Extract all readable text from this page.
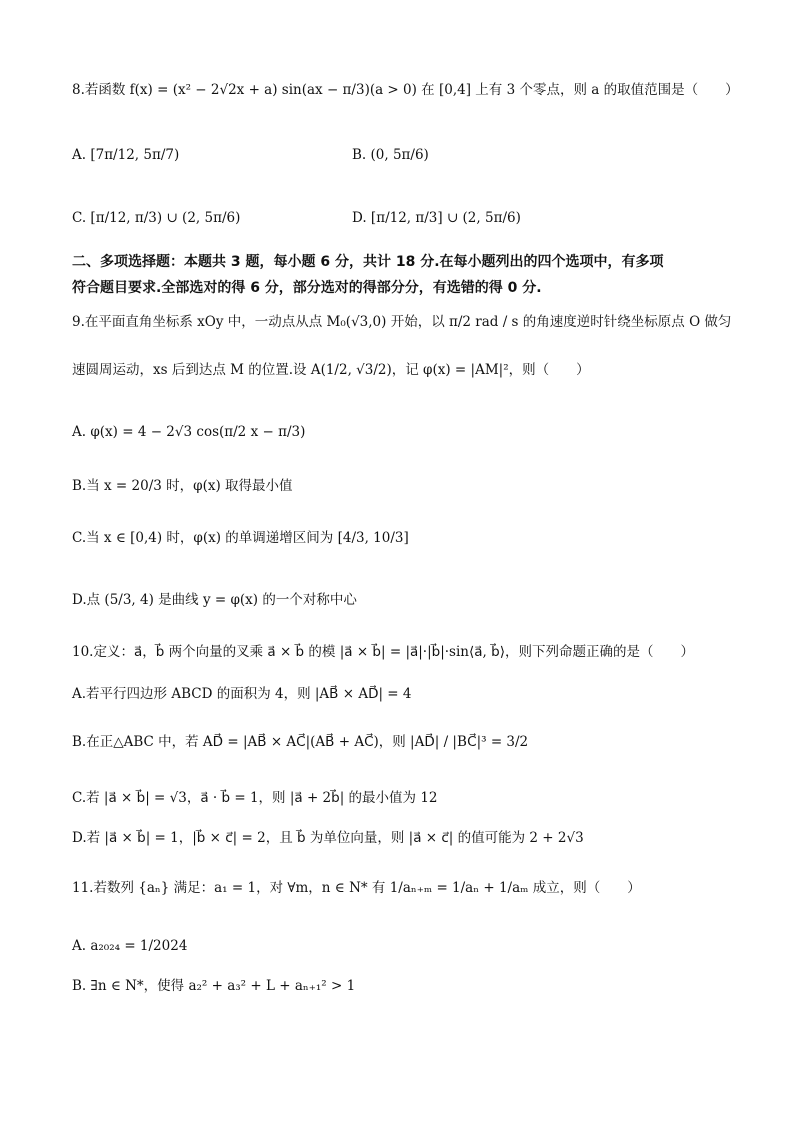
8.若函数 f(x) = (x² − 2√2x + a) sin(ax − π/3)(a > 0) 在 [0,4] 上有 3 个零点，则 a 的取值范围是（　　）
A. [7π/12, 5π/7)	B. (0, 5π/6)
C. [π/12, π/3) ∪ (2, 5π/6)	D. [π/12, π/3] ∪ (2, 5π/6)
二、多项选择题：本题共 3 题，每小题 6 分，共计 18 分.在每小题列出的四个选项中，有多项
符合题目要求.全部选对的得 6 分，部分选对的得部分分，有选错的得 0 分.
9.在平面直角坐标系 xOy 中，一动点从点 M₀(√3,0) 开始，以 π/2 rad / s 的角速度逆时针绕坐标原点 O 做匀
速圆周运动，xs 后到达点 M 的位置.设 A(1/2, √3/2)，记 φ(x) = |AM|²，则（　　）
A. φ(x) = 4 − 2√3 cos(π/2 x − π/3)
B.当 x = 20/3 时，φ(x) 取得最小值
C.当 x ∈ [0,4) 时，φ(x) 的单调递增区间为 [4/3, 10/3]
D.点 (5/3, 4) 是曲线 y = φ(x) 的一个对称中心
10.定义：a⃗，b⃗ 两个向量的叉乘 a⃗ × b⃗ 的模 |a⃗ × b⃗| = |a⃗|·|b⃗|·sin⟨a⃗, b⃗⟩，则下列命题正确的是（　　）
A.若平行四边形 ABCD 的面积为 4，则 |AB⃗ × AD⃗| = 4
B.在正△ABC 中，若 AD⃗ = |AB⃗ × AC⃗|(AB⃗ + AC⃗)，则 |AD⃗| / |BC⃗|³ = 3/2
C.若 |a⃗ × b⃗| = √3，a⃗ · b⃗ = 1，则 |a⃗ + 2b⃗| 的最小值为 12
D.若 |a⃗ × b⃗| = 1，|b⃗ × c⃗| = 2，且 b⃗ 为单位向量，则 |a⃗ × c⃗| 的值可能为 2 + 2√3
11.若数列 {aₙ} 满足：a₁ = 1，对 ∀m，n ∈ N* 有 1/aₙ₊ₘ = 1/aₙ + 1/aₘ 成立，则（　　）
A. a₂₀₂₄ = 1/2024
B. ∃n ∈ N*，使得 a₂² + a₃² + L + aₙ₊₁² > 1
